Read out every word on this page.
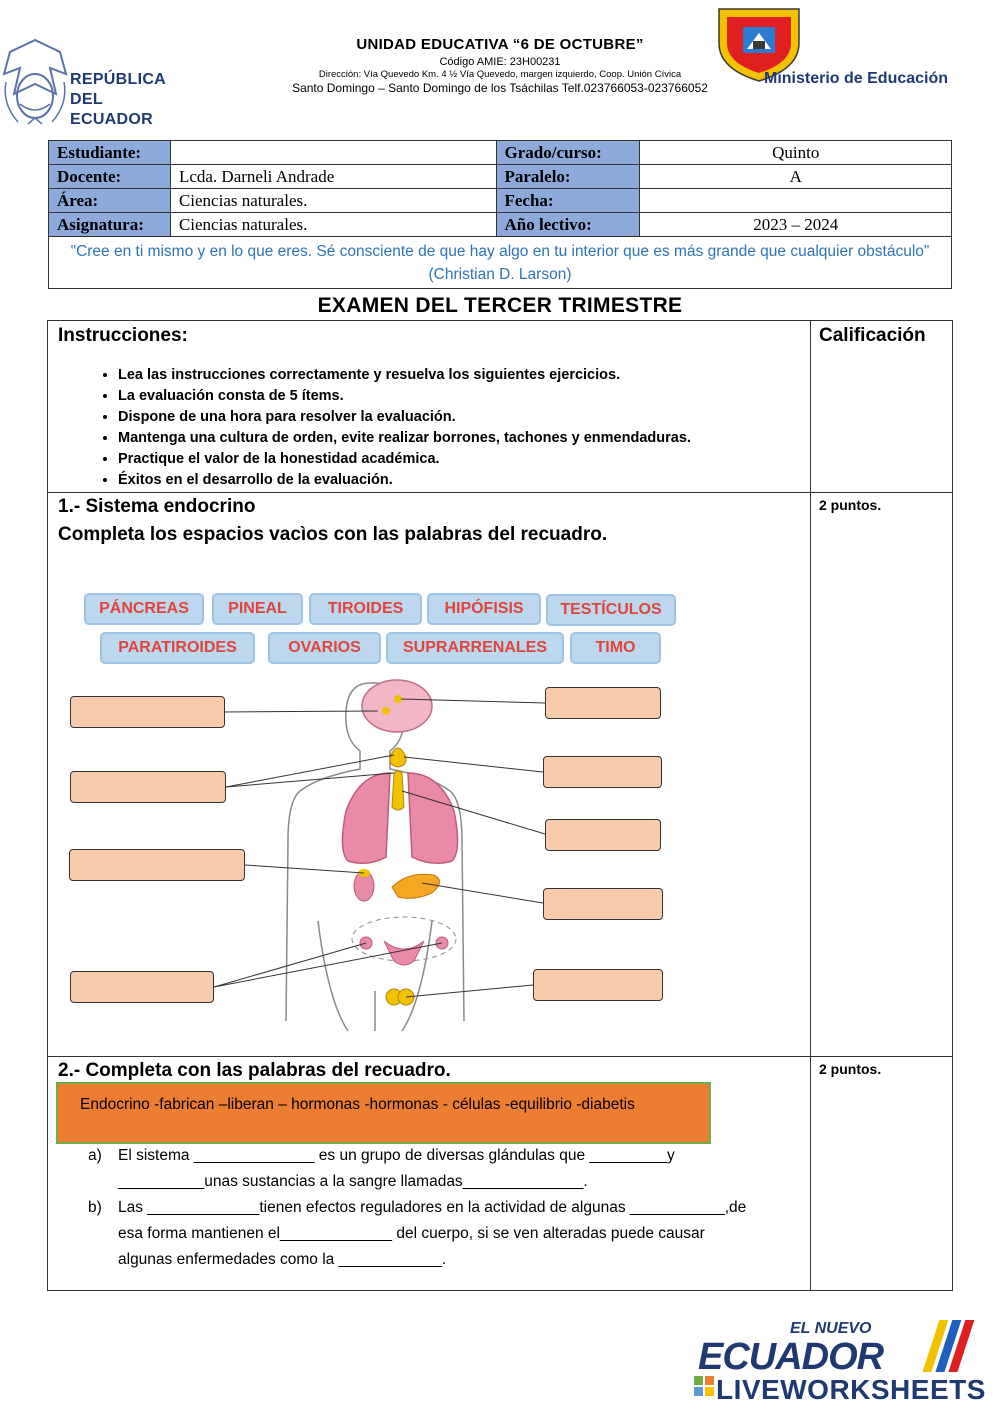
REPÚBLICA
DEL ECUADOR
UNIDAD EDUCATIVA “6 DE OCTUBRE”
Código AMIE: 23H00231
Dirección: Vía Quevedo Km. 4 ½ Vía Quevedo, margen izquierdo, Coop. Unión Cívica
Santo Domingo – Santo Domingo de los Tsáchilas Telf.023766053-023766052
Ministerio de Educación
Estudiante:		Grado/curso:	Quinto
Docente:	Lcda. Darneli Andrade	Paralelo:	A
Área:	Ciencias naturales.	Fecha:	
Asignatura:	Ciencias naturales.	Año lectivo:	2023 – 2024
"Cree en ti mismo y en lo que eres. Sé consciente de que hay algo en tu interior que es más grande que cualquier obstáculo" (Christian D. Larson)			
EXAMEN DEL TERCER TRIMESTRE
Instrucciones:	Calificación
• Lea las instrucciones correctamente y resuelva los siguientes ejercicios.
• La evaluación consta de 5 ítems.
• Dispone de una hora para resolver la evaluación.
• Mantenga una cultura de orden, evite realizar borrones, tachones y enmendaduras.
• Practique el valor de la honestidad académica.
• Éxitos en el desarrollo de la evaluación.
1.- Sistema endocrino
Completa los espacios vacìos con las palabras del recuadro.
2 puntos.
PÁNCREAS	PINEAL	TIROIDES	HIPÓFISIS	TESTÍCULOS
PARATIROIDES	OVARIOS	SUPRARRENALES	TIMO
2.- Completa con las palabras del recuadro.	2 puntos.
Endocrino -fabrican –liberan – hormonas -hormonas - células -equilibrio -diabetis
a) El sistema ______________ es un grupo de diversas glándulas que _________y
__________unas sustancias a la sangre llamadas______________.
b) Las _____________tienen efectos reguladores en la actividad de algunas ___________,de
esa forma mantienen el_____________ del cuerpo, si se ven alteradas puede causar
algunas enfermedades como la ____________.
EL NUEVO
ECUADOR
LIVEWORKSHEETS
